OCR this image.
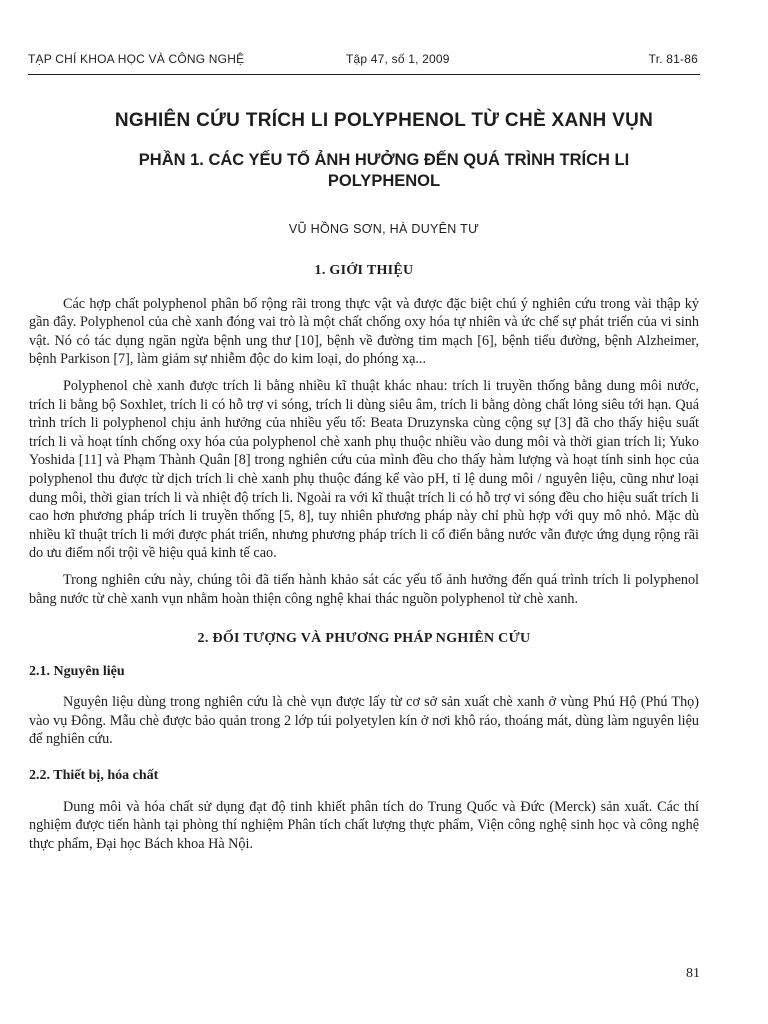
TẠP CHÍ KHOA HỌC VÀ CÔNG NGHỆ	Tập 47, số 1, 2009	Tr. 81-86
NGHIÊN CỨU TRÍCH LI POLYPHENOL TỪ CHÈ XANH VỤN
PHẦN 1. CÁC YẾU TỐ ẢNH HƯỞNG ĐẾN QUÁ TRÌNH TRÍCH LI POLYPHENOL
VŨ HỒNG SƠN, HÀ DUYÊN TƯ
1. GIỚI THIỆU

Các hợp chất polyphenol phân bố rộng rãi trong thực vật và được đặc biệt chú ý nghiên cứu trong vài thập kỷ gần đây. Polyphenol của chè xanh đóng vai trò là một chất chống oxy hóa tự nhiên và ức chế sự phát triển của vi sinh vật. Nó có tác dụng ngăn ngừa bệnh ung thư [10], bệnh về đường tim mạch [6], bệnh tiểu đường, bệnh Alzheimer, bệnh Parkison [7], làm giảm sự nhiễm độc do kim loại, do phóng xạ...

Polyphenol chè xanh được trích li bằng nhiều kĩ thuật khác nhau: trích li truyền thống bằng dung môi nước, trích li bằng bộ Soxhlet, trích li có hỗ trợ vi sóng, trích li dùng siêu âm, trích li bằng dòng chất lỏng siêu tới hạn. Quá trình trích li polyphenol chịu ảnh hưởng của nhiều yếu tố: Beata Druzynska cùng cộng sự [3] đã cho thấy hiệu suất trích li và hoạt tính chống oxy hóa của polyphenol chè xanh phụ thuộc nhiều vào dung môi và thời gian trích li; Yuko Yoshida [11] và Phạm Thành Quân [8] trong nghiên cứu của mình đều cho thấy hàm lượng và hoạt tính sinh học của polyphenol thu được từ dịch trích li chè xanh phụ thuộc đáng kể vào pH, tỉ lệ dung môi / nguyên liệu, cũng như loại dung môi, thời gian trích li và nhiệt độ trích li. Ngoài ra với kĩ thuật trích li có hỗ trợ vi sóng đều cho hiệu suất trích li cao hơn phương pháp trích li truyền thống [5, 8], tuy nhiên phương pháp này chỉ phù hợp với quy mô nhỏ. Mặc dù nhiều kĩ thuật trích li mới được phát triển, nhưng phương pháp trích li cổ điển bằng nước vẫn được ứng dụng rộng rãi do ưu điểm nổi trội về hiệu quả kinh tế cao.

Trong nghiên cứu này, chúng tôi đã tiến hành khảo sát các yếu tố ảnh hưởng đến quá trình trích li polyphenol bằng nước từ chè xanh vụn nhằm hoàn thiện công nghệ khai thác nguồn polyphenol từ chè xanh.

2. ĐỐI TƯỢNG VÀ PHƯƠNG PHÁP NGHIÊN CỨU
2.1. Nguyên liệu

Nguyên liệu dùng trong nghiên cứu là chè vụn được lấy từ cơ sở sản xuất chè xanh ở vùng Phú Hộ (Phú Thọ) vào vụ Đông. Mẫu chè được bảo quản trong 2 lớp túi polyetylen kín ở nơi khô ráo, thoáng mát, dùng làm nguyên liệu để nghiên cứu.

2.2. Thiết bị, hóa chất

Dung môi và hóa chất sử dụng đạt độ tinh khiết phân tích do Trung Quốc và Đức (Merck) sản xuất. Các thí nghiệm được tiến hành tại phòng thí nghiệm Phân tích chất lượng thực phẩm, Viện công nghệ sinh học và công nghệ thực phẩm, Đại học Bách khoa Hà Nội.

81
